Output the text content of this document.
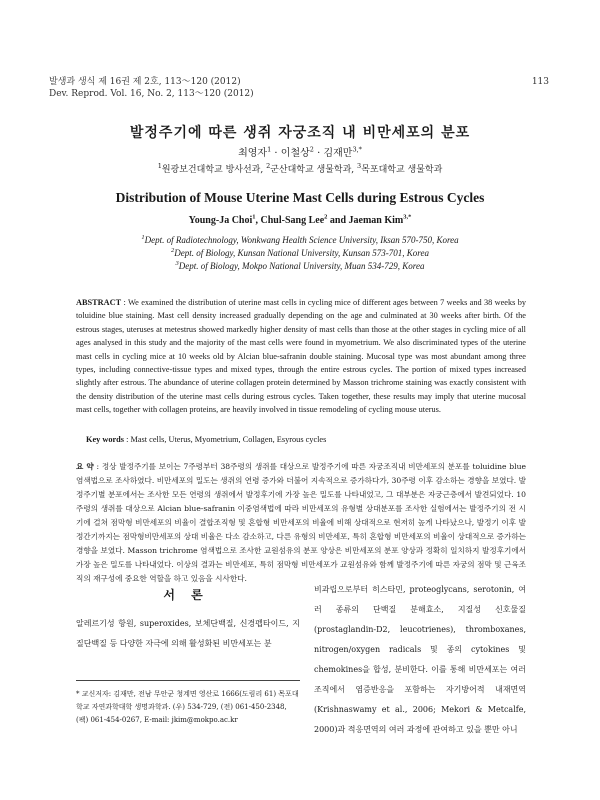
발생과 생식 제 16권 제 2호, 113～120 (2012)
Dev. Reprod. Vol. 16, No. 2, 113～120 (2012)
113
발정주기에 따른 생쥐 자궁조직 내 비만세포의 분포
최영자$^1$ · 이철상$^2$ · 김재만$^{3,*}$
$^1$원광보건대학교 방사선과, $^2$군산대학교 생물학과, $^3$목포대학교 생물학과
Distribution of Mouse Uterine Mast Cells during Estrous Cycles
Young-Ja Choi$^1$, Chul-Sang Lee$^2$ and Jaeman Kim$^{3,*}$
$^1$Dept. of Radiotechnology, Wonkwang Health Science University, Iksan 570-750, Korea
$^2$Dept. of Biology, Kunsan National University, Kunsan 573-701, Korea
$^3$Dept. of Biology, Mokpo National University, Muan 534-729, Korea
ABSTRACT : We examined the distribution of uterine mast cells in cycling mice of different ages between 7 weeks and 38 weeks by toluidine blue staining. Mast cell density increased gradually depending on the age and culminated at 30 weeks after birth. Of the estrous stages, uteruses at metestrus showed markedly higher density of mast cells than those at the other stages in cycling mice of all ages analysed in this study and the majority of the mast cells were found in myometrium. We also discriminated types of the uterine mast cells in cycling mice at 10 weeks old by Alcian blue-safranin double staining. Mucosal type was most abundant among three types, including connective-tissue types and mixed types, through the entire estrous cycles. The portion of mixed types increased slightly after estrous. The abundance of uterine collagen protein determined by Masson trichrome staining was exactly consistent with the density distribution of the uterine mast cells during estrous cycles. Taken together, these results may imply that uterine mucosal mast cells, together with collagen proteins, are heavily involved in tissue remodeling of cycling mouse uterus.
Key words : Mast cells, Uterus, Myometrium, Collagen, Esyrous cycles
요 약 : 정상 발정주기를 보이는 7주령부터 38주령의 생쥐를 대상으로 발정주기에 따른 자궁조직내 비만세포의 분포를 toluidine blue 염색법으로 조사하였다. 비만세포의 밀도는 생쥐의 연령 증가와 더불어 지속적으로 증가하다가, 30주령 이후 감소하는 경향을 보였다. 발정주기별 분포에서는 조사한 모든 연령의 생쥐에서 발정후기에 가장 높은 밀도를 나타내었고, 그 대부분은 자궁근층에서 발견되었다. 10주령의 생쥐를 대상으로 Alcian blue-safranin 이중염색법에 따라 비만세포의 유형별 상대분포를 조사한 실험에서는 발정주기의 전 시기에 걸쳐 점막형 비만세포의 비율이 결합조직형 및 혼합형 비만세포의 비율에 비해 상대적으로 현저히 높게 나타났으나, 발정기 이후 발정간기까지는 점막형비만세포의 상대 비율은 다소 감소하고, 다른 유형의 비만세포, 특히 혼합형 비만세포의 비율이 상대적으로 증가하는 경향을 보였다. Masson trichrome 염색법으로 조사한 교원섬유의 분포 양상은 비만세포의 분포 양상과 정확히 일치하지 발정후기에서 가장 높은 밀도를 나타내었다. 이상의 결과는 비만세포, 특히 점막형 비만세포가 교원섬유와 함께 발정주기에 따른 자궁의 점막 및 근육조직의 재구성에 중요한 역할을 하고 있음을 시사한다.
서 론
알레르기성 항원, superoxides, 보체단백질, 신경펩타이드, 지질단백질 등 다양한 자극에 의해 활성화된 비만세포는 분
* 교신저자: 김재만, 전남 무안군 청계면 영산로 1666(도림리 61) 목포대학교 자연과학대학 생명과학과. (우) 534-729, (전) 061-450-2348, (팩) 061-454-0267, E-mail: jkim@mokpo.ac.kr
비과립으로부터 히스타민, proteoglycans, serotonin, 여러 종류의 단백질 분해효소, 지질성 신호물질(prostaglandin-D2, leucotrienes), thromboxanes, nitrogen/oxygen radicals 및 종의 cytokines 및 chemokines을 합성, 분비한다. 이를 통해 비만세포는 여러 조직에서 염증반응을 포함하는 자기방어적 내재면역 (Krishnaswamy et al., 2006; Mekori & Metcalfe, 2000)과 적응면역의 여러 과정에 관여하고 있을 뿐만 아니
